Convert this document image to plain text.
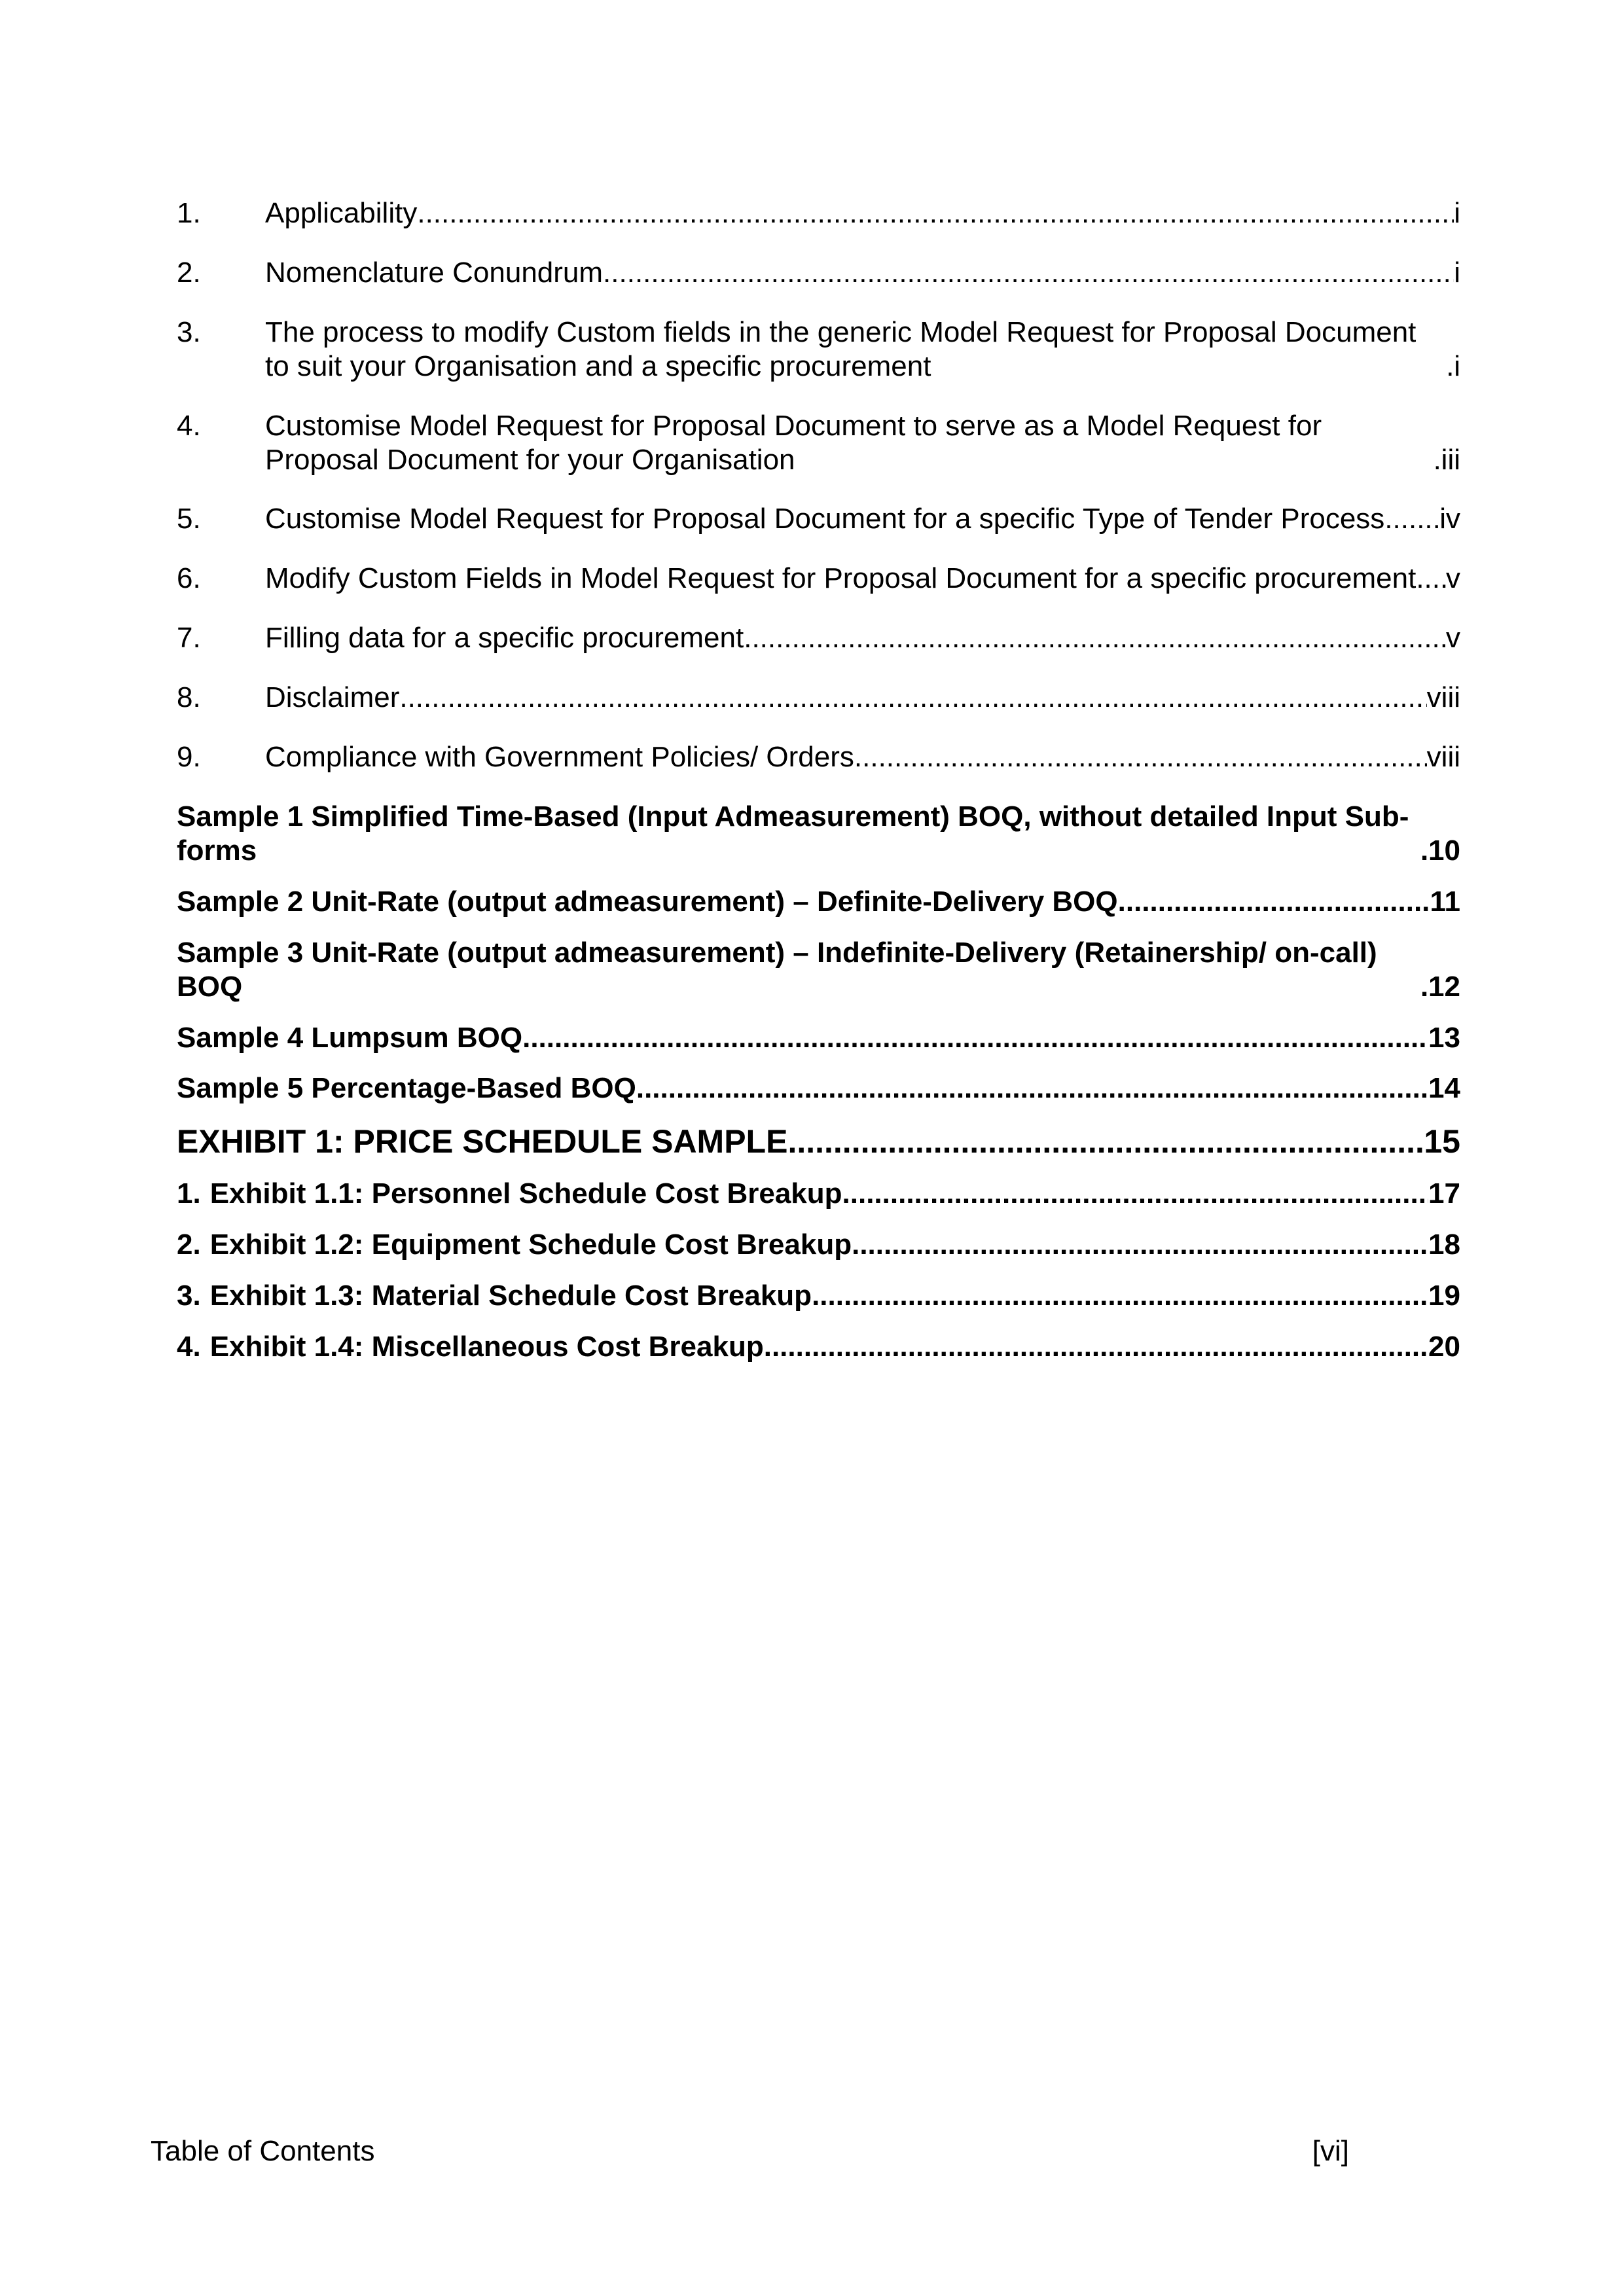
1.	Applicability .....	i
2.	Nomenclature Conundrum .....	i
3.	The process to modify Custom fields in the generic Model Request for Proposal Document to suit your Organisation and a specific procurement .....	i
4.	Customise Model Request for Proposal Document to serve as a Model Request for Proposal Document for your Organisation .....	iii
5.	Customise Model Request for Proposal Document for a specific Type of Tender Process ..... iv
6.	Modify Custom Fields in Model Request for Proposal Document for a specific procurement ..... v
7.	Filling data for a specific procurement .....	v
8.	Disclaimer .....	viii
9.	Compliance with Government Policies/ Orders .....	viii
Sample 1 Simplified Time-Based (Input Admeasurement) BOQ, without detailed Input Sub-forms .....	10
Sample 2 Unit-Rate (output admeasurement) – Definite-Delivery BOQ .....	11
Sample 3 Unit-Rate (output admeasurement) – Indefinite-Delivery (Retainership/ on-call) BOQ .....	12
Sample 4 Lumpsum BOQ .....	13
Sample 5 Percentage-Based BOQ .....	14
EXHIBIT 1: PRICE SCHEDULE SAMPLE .....	15
1. Exhibit 1.1: Personnel Schedule Cost Breakup .....	17
2. Exhibit 1.2: Equipment Schedule Cost Breakup .....	18
3. Exhibit 1.3: Material Schedule Cost Breakup .....	19
4. Exhibit 1.4: Miscellaneous Cost Breakup .....	20
Table of Contents	[vi]
